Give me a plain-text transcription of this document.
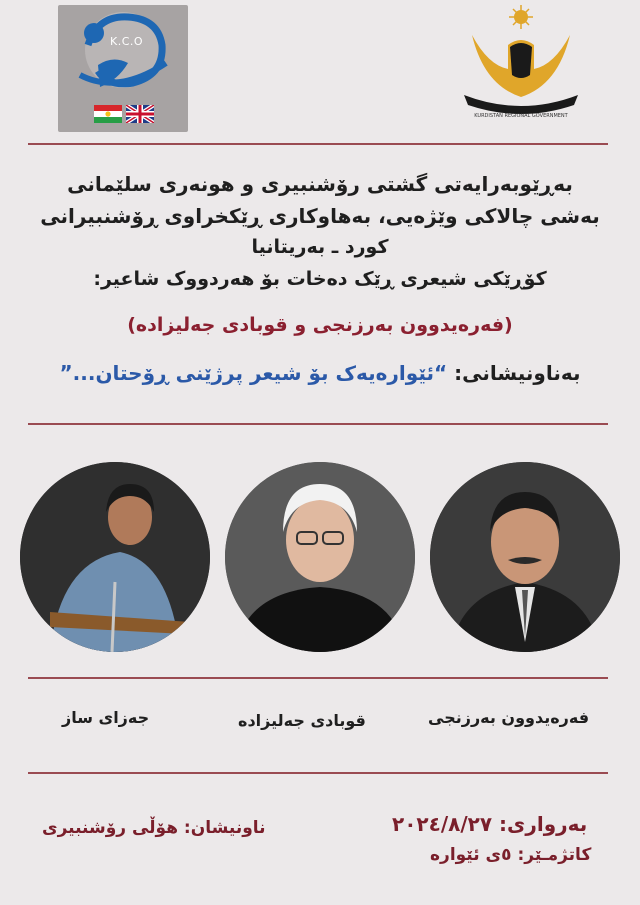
K.C.O
KURDISTAN REGIONAL GOVERNMENT
بەڕێوبەرایەتی گشتی رۆشنبیری و هونەری سلێمانی
بەشی چالاکی وێژەیی، بەهاوکاری ڕێکخراوی ڕۆشنبیرانی
کورد ـ بەریتانیا
کۆڕێکی شیعری ڕێک دەخات بۆ هەردووک شاعیر:
(فەرەیدوون بەرزنجی و قوبادی جەلیزادە)
بەناونیشانی: “ئێوارەیەک بۆ شیعر پرژێنی ڕۆحتان...”
فەرەیدوون بەرزنجی
قوبادی جەلیزادە
جەزای ساز
بەرواری: ٢٠٢٤/٨/٢٧
کاتژمـێر: ٥ی ئێوارە
ناونیشان: هۆڵی رۆشنبیری
